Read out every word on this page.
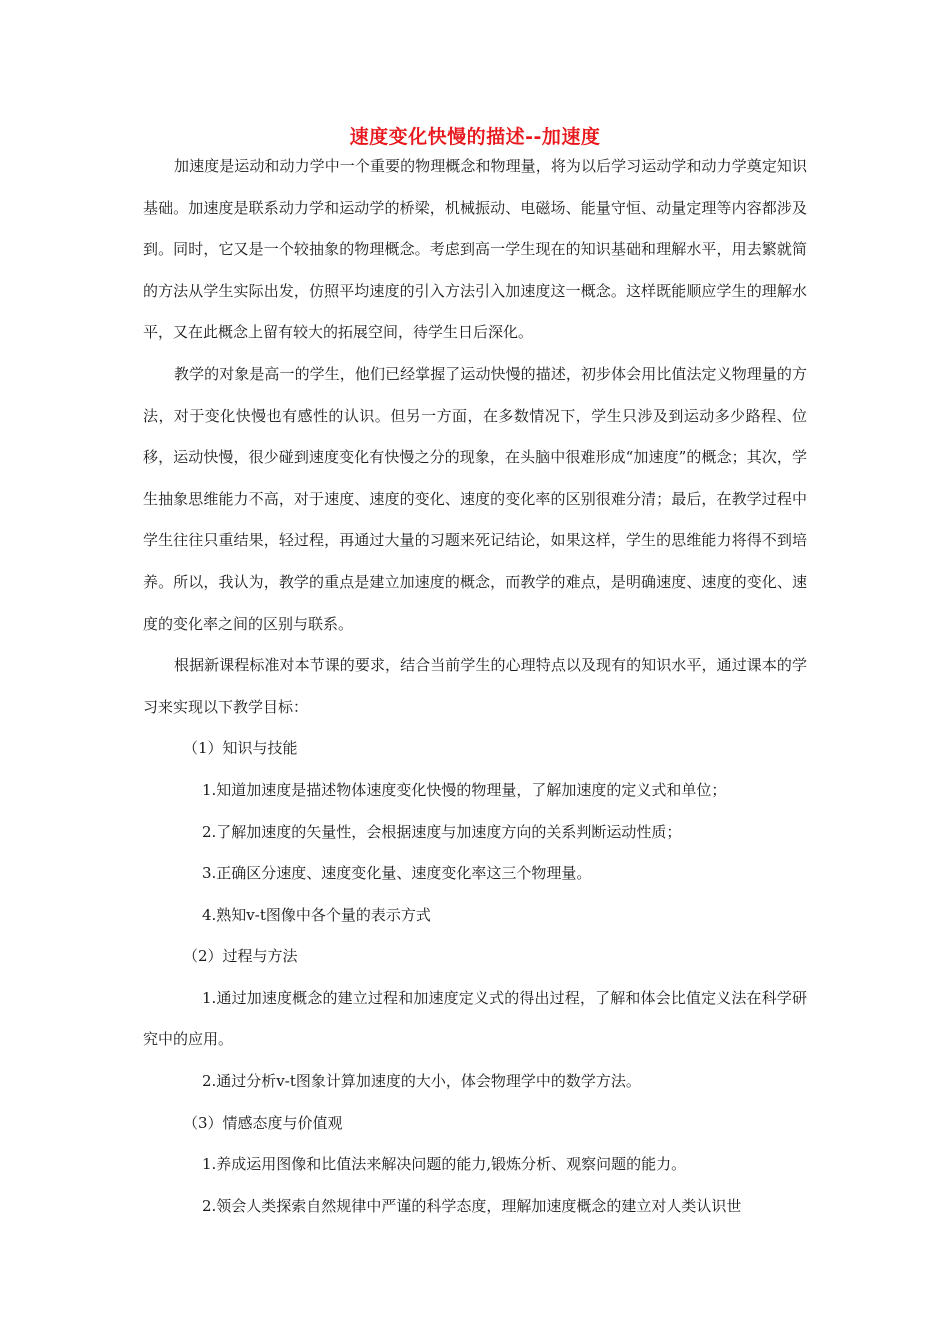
速度变化快慢的描述--加速度

加速度是运动和动力学中一个重要的物理概念和物理量，将为以后学习运动学和动力学奠定知识基础。加速度是联系动力学和运动学的桥梁，机械振动、电磁场、能量守恒、动量定理等内容都涉及到。同时，它又是一个较抽象的物理概念。考虑到高一学生现在的知识基础和理解水平，用去繁就简的方法从学生实际出发，仿照平均速度的引入方法引入加速度这一概念。这样既能顺应学生的理解水平，又在此概念上留有较大的拓展空间，待学生日后深化。

教学的对象是高一的学生，他们已经掌握了运动快慢的描述，初步体会用比值法定义物理量的方法，对于变化快慢也有感性的认识。但另一方面，在多数情况下，学生只涉及到运动多少路程、位移，运动快慢，很少碰到速度变化有快慢之分的现象，在头脑中很难形成“加速度”的概念；其次，学生抽象思维能力不高，对于速度、速度的变化、速度的变化率的区别很难分清；最后，在教学过程中学生往往只重结果，轻过程，再通过大量的习题来死记结论，如果这样，学生的思维能力将得不到培养。所以，我认为，教学的重点是建立加速度的概念，而教学的难点，是明确速度、速度的变化、速度的变化率之间的区别与联系。

根据新课程标准对本节课的要求，结合当前学生的心理特点以及现有的知识水平，通过课本的学习来实现以下教学目标：

（1）知识与技能

1.知道加速度是描述物体速度变化快慢的物理量，了解加速度的定义式和单位；

2.了解加速度的矢量性，会根据速度与加速度方向的关系判断运动性质；

3.正确区分速度、速度变化量、速度变化率这三个物理量。

4.熟知v-t图像中各个量的表示方式

（2）过程与方法

1.通过加速度概念的建立过程和加速度定义式的得出过程，了解和体会比值定义法在科学研究中的应用。

2.通过分析v-t图象计算加速度的大小，体会物理学中的数学方法。

（3）情感态度与价值观

1.养成运用图像和比值法来解决问题的能力,锻炼分析、观察问题的能力。

2.领会人类探索自然规律中严谨的科学态度，理解加速度概念的建立对人类认识世
